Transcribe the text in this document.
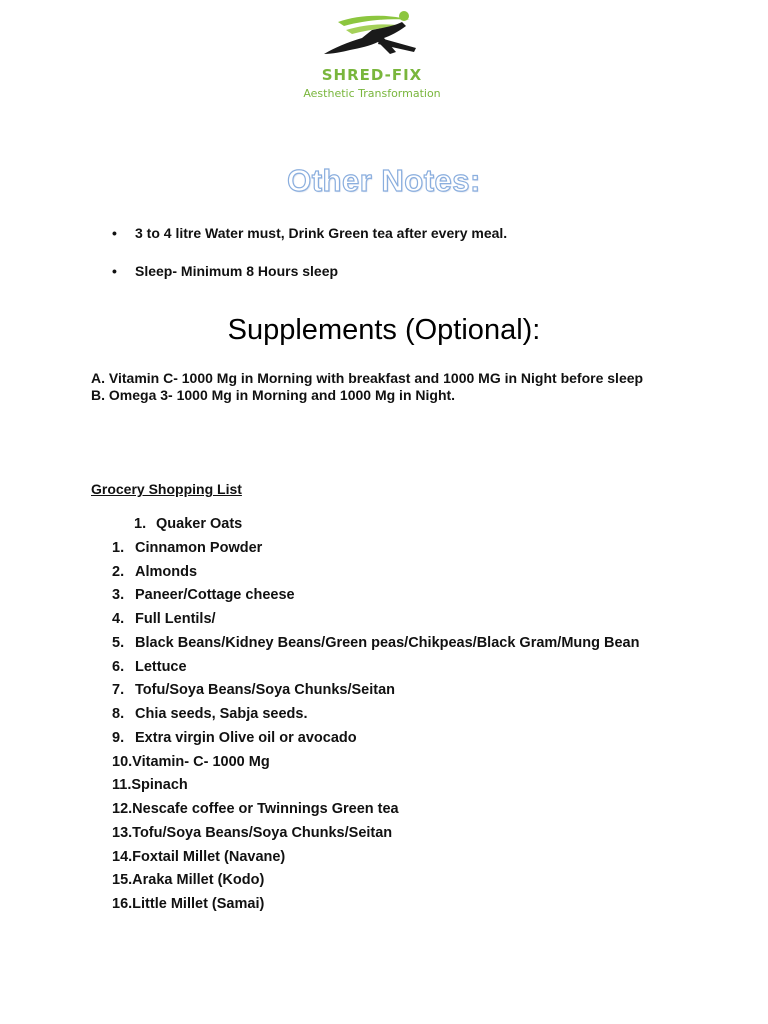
SHRED-FIX
Aesthetic Transformation
Other Notes:
• 3 to 4 litre Water must, Drink Green tea after every meal.
• Sleep- Minimum 8 Hours sleep
Supplements (Optional):
A. Vitamin C- 1000 Mg in Morning with breakfast and 1000 MG in Night before sleep
B. Omega 3- 1000 Mg in Morning and 1000 Mg in Night.
Grocery Shopping List
1. Quaker Oats
1. Cinnamon Powder
2. Almonds
3. Paneer/Cottage cheese
4. Full Lentils/
5. Black Beans/Kidney Beans/Green peas/Chikpeas/Black Gram/Mung Bean
6. Lettuce
7. Tofu/Soya Beans/Soya Chunks/Seitan
8. Chia seeds, Sabja seeds.
9. Extra virgin Olive oil or avocado
10.Vitamin- C- 1000 Mg
11.Spinach
12.Nescafe coffee or Twinnings Green tea
13.Tofu/Soya Beans/Soya Chunks/Seitan
14.Foxtail Millet (Navane)
15.Araka Millet (Kodo)
16.Little Millet (Samai)
